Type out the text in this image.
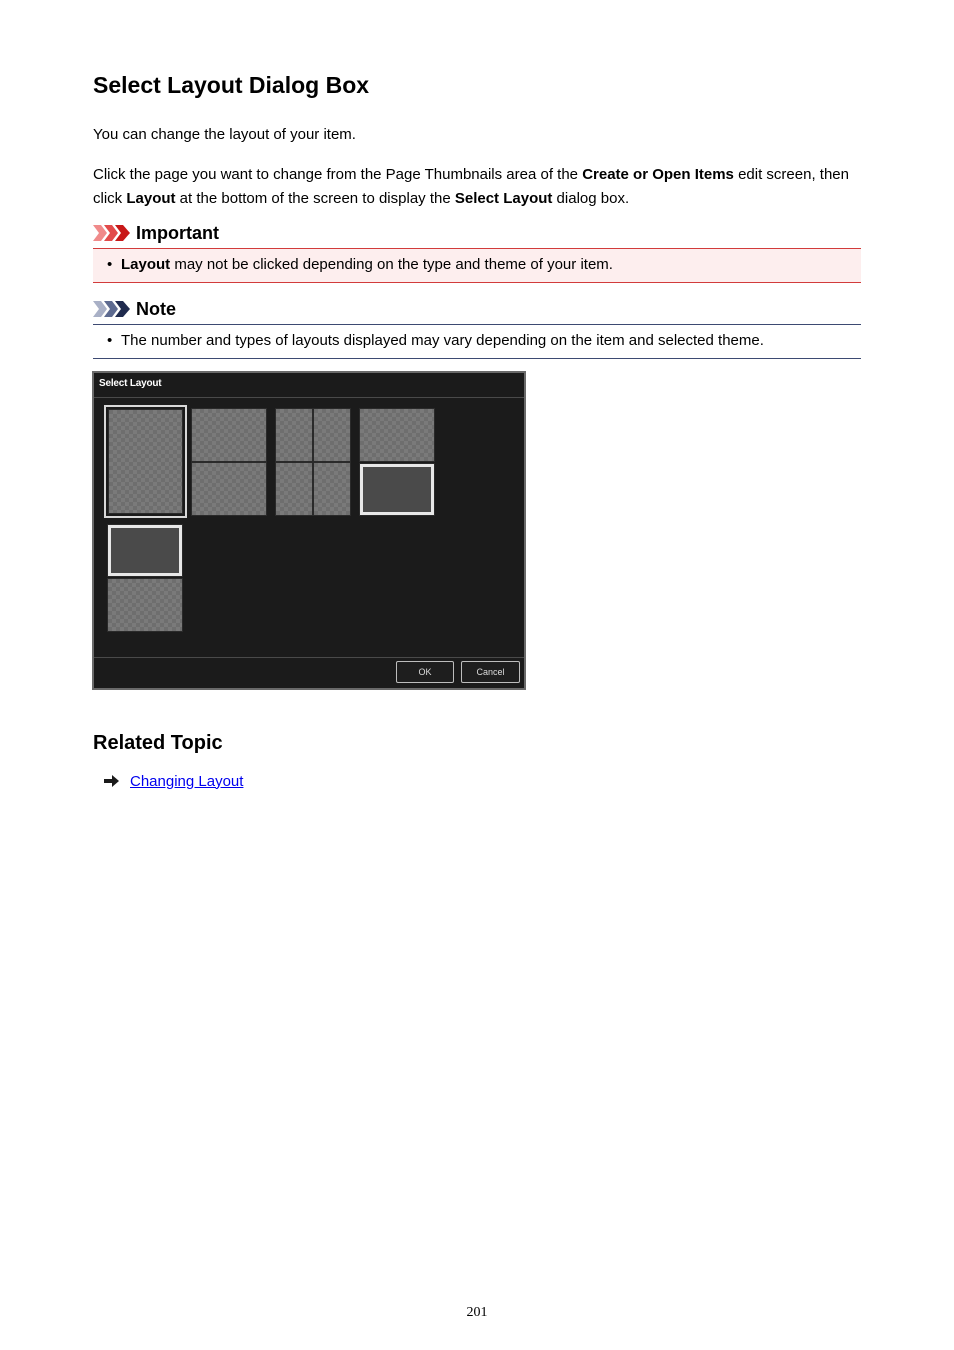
Select Layout Dialog Box

You can change the layout of your item.

Click the page you want to change from the Page Thumbnails area of the Create or Open Items edit screen, then click Layout at the bottom of the screen to display the Select Layout dialog box.

Important
• Layout may not be clicked depending on the type and theme of your item.
Note
• The number and types of layouts displayed may vary depending on the item and selected theme.
Select Layout
OK	Cancel
Related Topic
Changing Layout
201
